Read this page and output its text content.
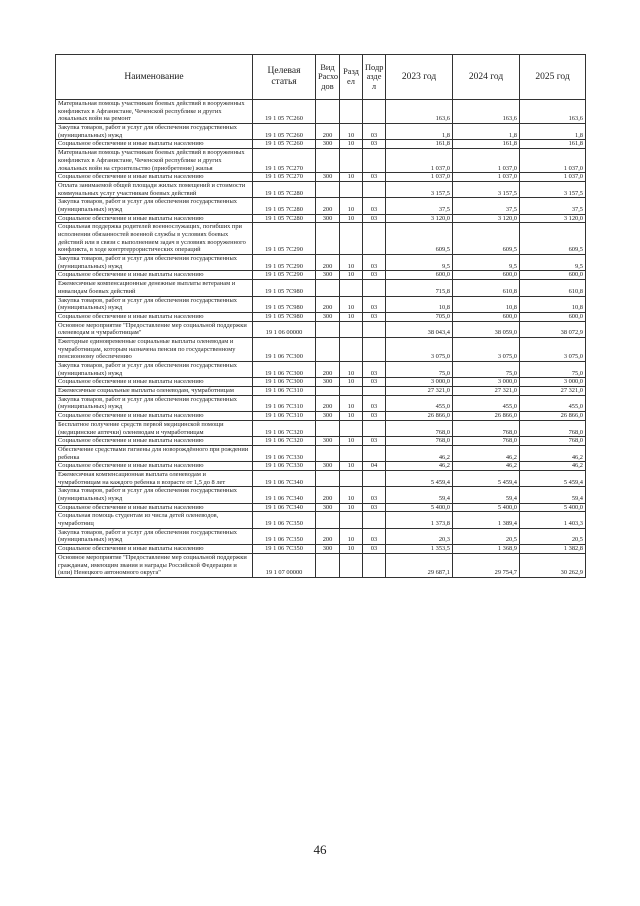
Наименование	Целевая статья	Вид Расхо дов	Разд ел	Подр азде л	2023 год	2024 год	2025 год
Материальная помощь участникам боевых действий в вооруженных конфликтах в Афганистане, Чеченской республике и других локальных войн на ремонт	19 1 05 7С260				163,6	163,6	163,6
Закупка товаров, работ и услуг для обеспечения государственных (муниципальных) нужд	19 1 05 7С260	200	10	03	1,8	1,8	1,8
Социальное обеспечение и иные выплаты населению	19 1 05 7С260	300	10	03	161,8	161,8	161,8
Материальная помощь участникам боевых действий в вооруженных конфликтах в Афганистане, Чеченской республике и других локальных войн на строительство (приобретение) жилья	19 1 05 7С270				1 037,0	1 037,0	1 037,0
Социальное обеспечение и иные выплаты населению	19 1 05 7С270	300	10	03	1 037,0	1 037,0	1 037,0
Оплата занимаемой общей площади жилых помещений и стоимости коммунальных услуг участникам боевых действий	19 1 05 7С280				3 157,5	3 157,5	3 157,5
Закупка товаров, работ и услуг для обеспечения государственных (муниципальных) нужд	19 1 05 7С280	200	10	03	37,5	37,5	37,5
Социальное обеспечение и иные выплаты населению	19 1 05 7С280	300	10	03	3 120,0	3 120,0	3 120,0
Социальная поддержка родителей военнослужащих, погибших при исполнении обязанностей военной службы в условиях боевых действий или в связи с выполнением задач в условиях вооруженного конфликта, в ходе контртеррористических операций	19 1 05 7С290				609,5	609,5	609,5
Закупка товаров, работ и услуг для обеспечения государственных (муниципальных) нужд	19 1 05 7С290	200	10	03	9,5	9,5	9,5
Социальное обеспечение и иные выплаты населению	19 1 05 7С290	300	10	03	600,0	600,0	600,0
Ежемесячные компенсационные денежные выплаты ветеранам и инвалидам боевых действий	19 1 05 7С980				715,8	610,8	610,8
Закупка товаров, работ и услуг для обеспечения государственных (муниципальных) нужд	19 1 05 7С980	200	10	03	10,8	10,8	10,8
Социальное обеспечение и иные выплаты населению	19 1 05 7С980	300	10	03	705,0	600,0	600,0
Основное мероприятие "Предоставление мер социальной поддержки оленеводам и чумработницам"	19 1 06 00000				38 043,4	38 059,0	38 072,9
Ежегодные единовременные социальные выплаты оленеводам и чумработницам, которым назначена пенсия по государственному пенсионному обеспечению	19 1 06 7С300				3 075,0	3 075,0	3 075,0
Закупка товаров, работ и услуг для обеспечения государственных (муниципальных) нужд	19 1 06 7С300	200	10	03	75,0	75,0	75,0
Социальное обеспечение и иные выплаты населению	19 1 06 7С300	300	10	03	3 000,0	3 000,0	3 000,0
Ежемесячные социальные выплаты оленеводам, чумработницам	19 1 06 7С310				27 321,0	27 321,0	27 321,0
Закупка товаров, работ и услуг для обеспечения государственных (муниципальных) нужд	19 1 06 7С310	200	10	03	455,0	455,0	455,0
Социальное обеспечение и иные выплаты населению	19 1 06 7С310	300	10	03	26 866,0	26 866,0	26 866,0
Бесплатное получение средств первой медицинской помощи (медицинские аптечки) оленеводам и чумработницам	19 1 06 7С320				768,0	768,0	768,0
Социальное обеспечение и иные выплаты населению	19 1 06 7С320	300	10	03	768,0	768,0	768,0
Обеспечение средствами гигиены для новорождённого при рождении ребенка	19 1 06 7С330				46,2	46,2	46,2
Социальное обеспечение и иные выплаты населению	19 1 06 7С330	300	10	04	46,2	46,2	46,2
Ежемесячная компенсационная выплата оленеводам и чумработницам на каждого ребенка в возрасте от 1,5 до 8 лет	19 1 06 7С340				5 459,4	5 459,4	5 459,4
Закупка товаров, работ и услуг для обеспечения государственных (муниципальных) нужд	19 1 06 7С340	200	10	03	59,4	59,4	59,4
Социальное обеспечение и иные выплаты населению	19 1 06 7С340	300	10	03	5 400,0	5 400,0	5 400,0
Социальная помощь студентам из числа детей оленеводов, чумработниц	19 1 06 7С350				1 373,8	1 389,4	1 403,3
Закупка товаров, работ и услуг для обеспечения государственных (муниципальных) нужд	19 1 06 7С350	200	10	03	20,3	20,5	20,5
Социальное обеспечение и иные выплаты населению	19 1 06 7С350	300	10	03	1 353,5	1 368,9	1 382,8
Основное мероприятие "Предоставление мер социальной поддержки гражданам, имеющим звания и награды Российской Федерации и (или) Ненецкого автономного округа"	19 1 07 00000				29 687,1	29 754,7	30 262,9
46
